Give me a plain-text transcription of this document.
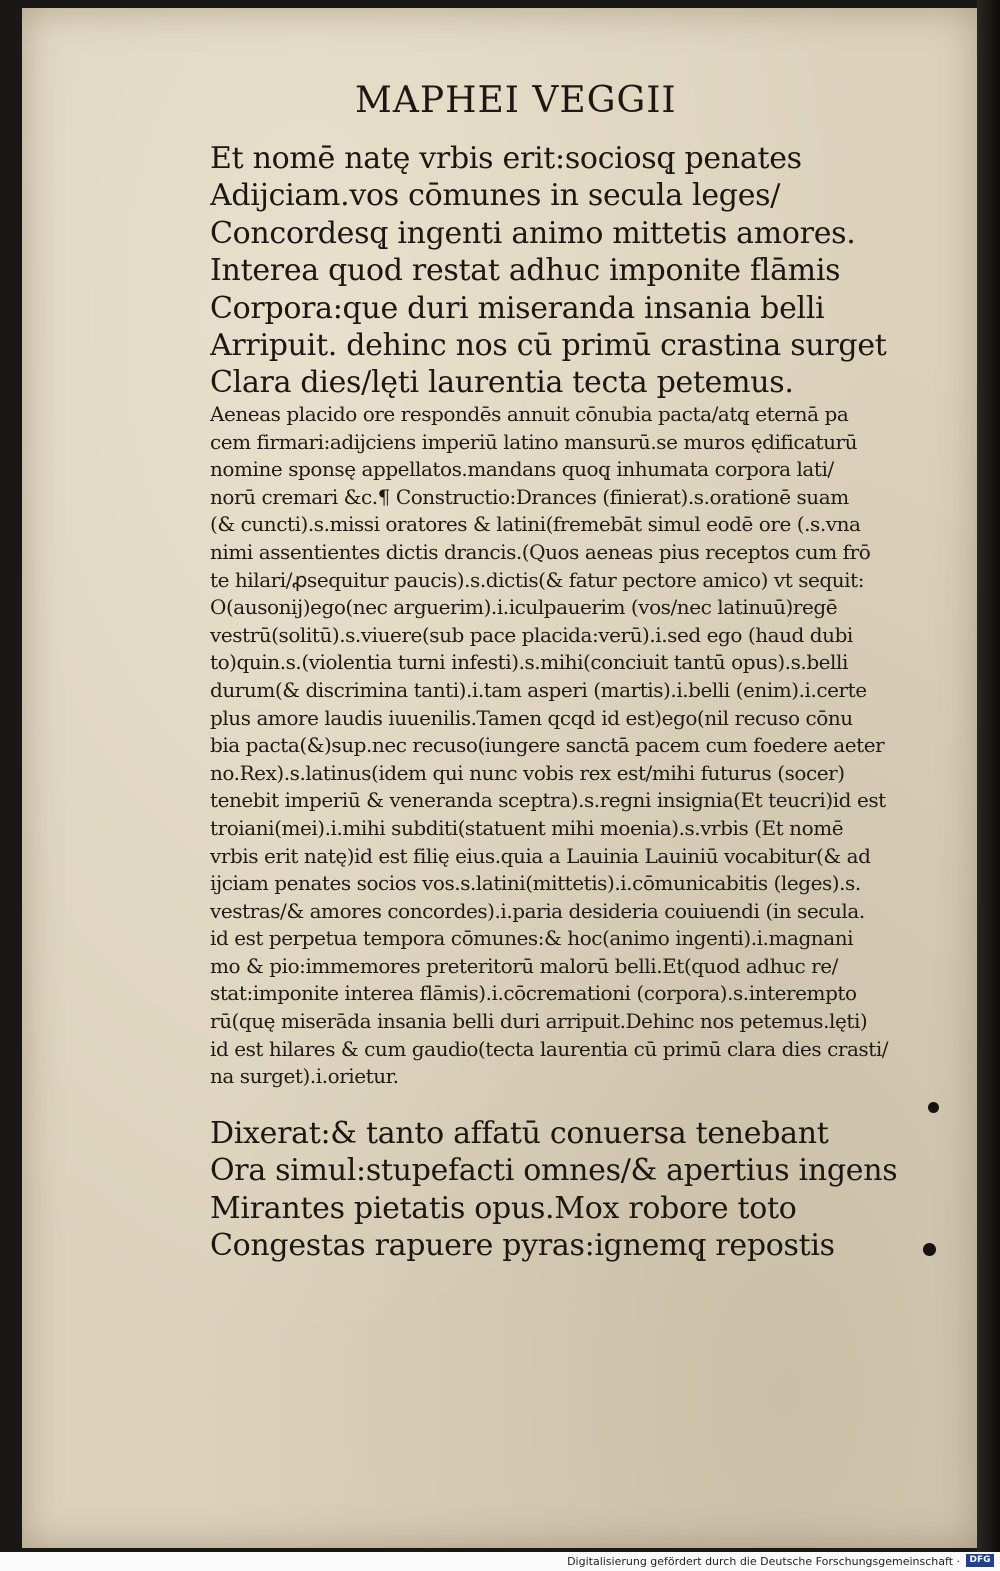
MAPHEI VEGGII
Et nomē natę vrbis erit:sociosq̨ penates
Adijciam.vos cōmunes in secula leges/
Concordesq̨ ingenti animo mittetis amores.
Interea quod restat adhuc imponite flāmis
Corpora:que duri miseranda insania belli
Arripuit. dehinc nos cū primū crastina surget
Clara dies/lęti laurentia tecta petemus.
Aeneas placido ore respondēs annuit cōnubia pacta/atq̨ eternā pa
cem firmari:adijciens imperiū latino mansurū.se muros ędificaturū
nomine sponsę appellatos.mandans quoq̨ inhumata corpora lati/
norū cremari &c.¶ Constructio:Drances (finierat).s.orationē suam
(& cuncti).s.missi oratores & latini(fremebāt simul eodē ore (.s.vna
nimi assentientes dictis drancis.(Quos aeneas pius receptos cum frō
te hilari/ꝓsequitur paucis).s.dictis(& fatur pectore amico) vt sequit:
O(ausonij)ego(nec arguerim).i.iculpauerim (vos/nec latinuū)regē
vestrū(solitū).s.viuere(sub pace placida:verū).i.sed ego (haud dubi
to)quin.s.(violentia turni infesti).s.mihi(conciuit tantū opus).s.belli
durum(& discrimina tanti).i.tam asperi (martis).i.belli (enim).i.certe
plus amore laudis iuuenilis.Tamen qcqd id est)ego(nil recuso cōnu
bia pacta(&)sup.nec recuso(iungere sanctā pacem cum foedere aeter
no.Rex).s.latinus(idem qui nunc vobis rex est/mihi futurus (socer)
tenebit imperiū & veneranda sceptra).s.regni insignia(Et teucri)id est
troiani(mei).i.mihi subditi(statuent mihi moenia).s.vrbis (Et nomē
vrbis erit natę)id est filię eius.quia a Lauinia Lauiniū vocabitur(& ad
ijciam penates socios vos.s.latini(mittetis).i.cōmunicabitis (leges).s.
vestras/& amores concordes).i.paria desideria couiuendi (in secula.
id est perpetua tempora cōmunes:& hoc(animo ingenti).i.magnani
mo & pio:immemores preteritorū malorū belli.Et(quod adhuc re/
stat:imponite interea flāmis).i.cōcremationi (corpora).s.interempto
rū(quę miserāda insania belli duri arripuit.Dehinc nos petemus.lęti)
id est hilares & cum gaudio(tecta laurentia cū primū clara dies crasti/
na surget).i.orietur.
Dixerat:& tanto affatū conuersa tenebant
Ora simul:stupefacti omnes/& apertius ingens
Mirantes pietatis opus.Mox robore toto
Congestas rapuere pyras:ignemq̨ repostis
Digitalisierung gefördert durch die Deutsche Forschungsgemeinschaft ·	DFG
